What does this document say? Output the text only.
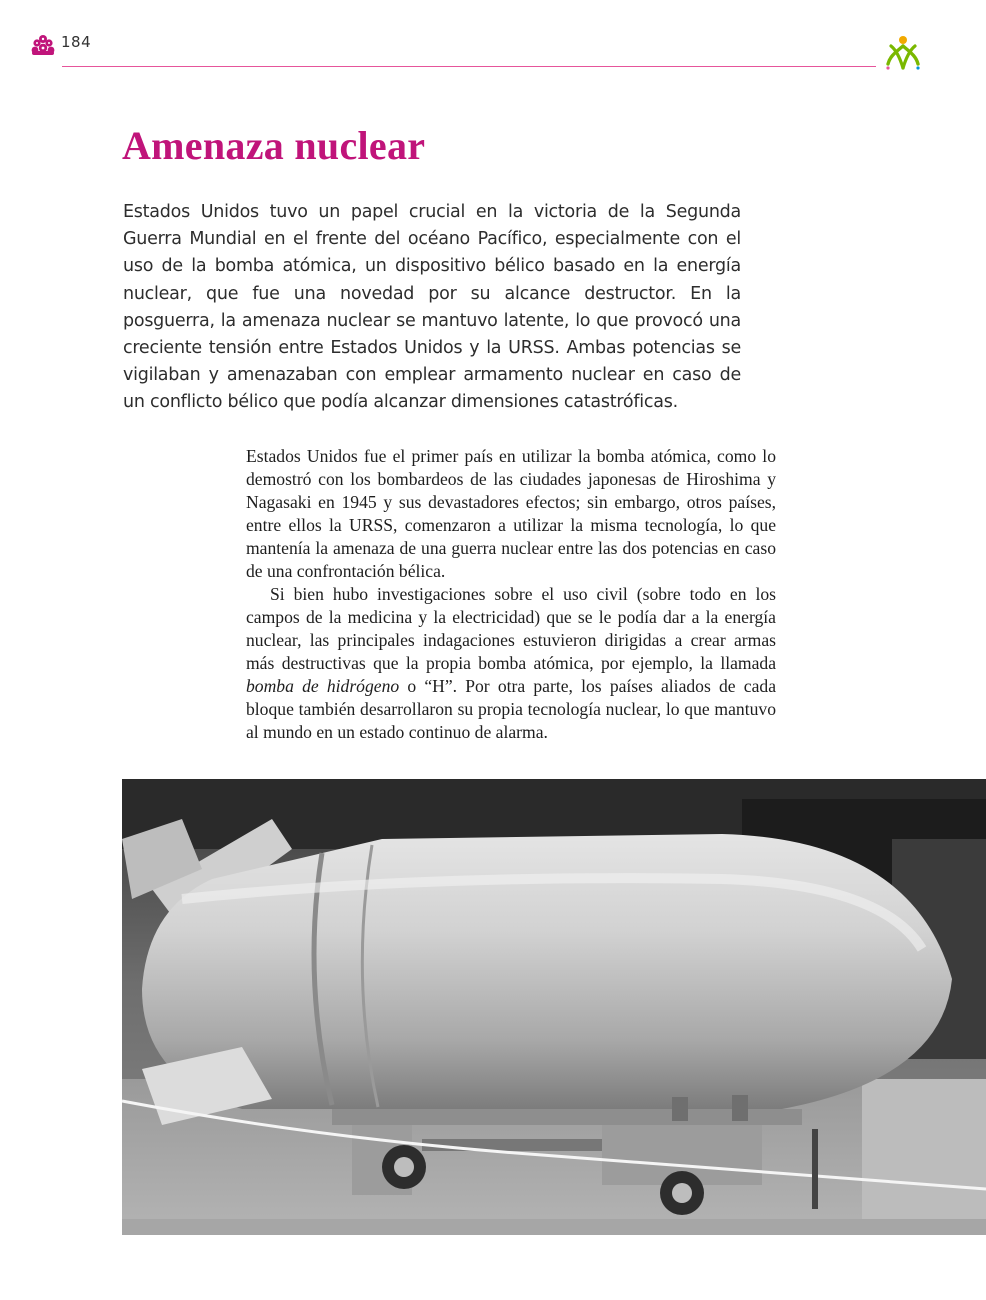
184
Amenaza nuclear

Estados Unidos tuvo un papel crucial en la victoria de la Segunda Guerra Mundial en el frente del océano Pacífico, especialmente con el uso de la bomba atómica, un dispositivo bélico basado en la energía nuclear, que fue una novedad por su alcance destructor. En la posguerra, la amenaza nuclear se mantuvo latente, lo que provocó una creciente tensión entre Estados Unidos y la URSS. Ambas potencias se vigilaban y amenazaban con emplear armamento nuclear en caso de un conflicto bélico que podía alcanzar dimensiones catastróficas.

Estados Unidos fue el primer país en utilizar la bomba atómica, como lo demostró con los bombardeos de las ciudades japonesas de Hiroshima y Nagasaki en 1945 y sus devastadores efectos; sin embargo, otros países, entre ellos la URSS, comenzaron a utilizar la misma tecnología, lo que mantenía la amenaza de una guerra nuclear entre las dos potencias en caso de una confrontación bélica.

Si bien hubo investigaciones sobre el uso civil (sobre todo en los campos de la medicina y la electricidad) que se le podía dar a la energía nuclear, las principales indagaciones estuvieron dirigidas a crear armas más destructivas que la propia bomba atómica, por ejemplo, la llamada bomba de hidrógeno o “H”. Por otra parte, los países aliados de cada bloque también desarrollaron su propia tecnología nuclear, lo que mantuvo al mundo en un estado continuo de alarma.
